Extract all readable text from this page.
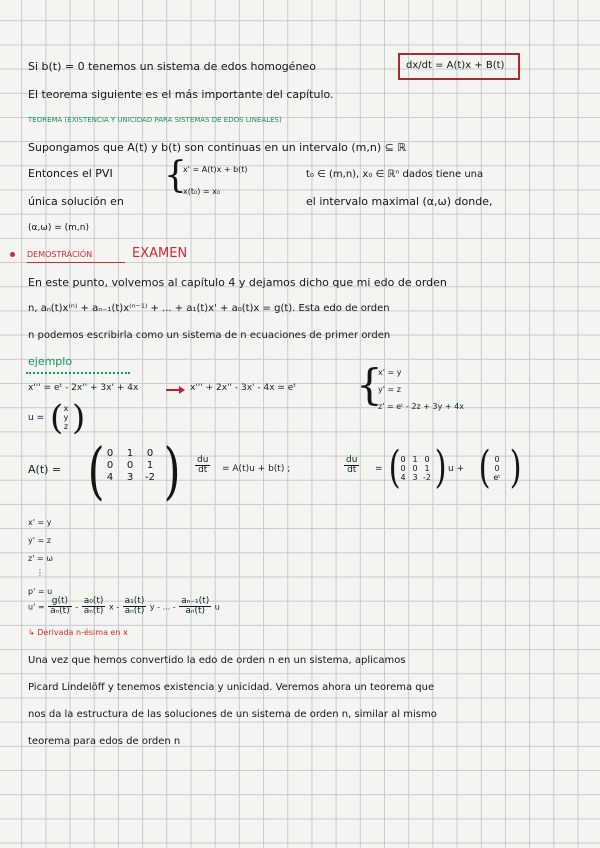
Si b(t) = 0 tenemos un sistema de edos homogéneo	dx/dt = A(t)x + B(t)
El teorema siguiente es el más importante del capítulo.
TEOREMA (EXISTENCIA Y UNICIDAD PARA SISTEMAS DE EDOS LINEALES)
Supongamos que A(t) y b(t) son continuas en un intervalo (m,n) ⊆ ℝ
Entonces el PVI {
x' = A(t)x + b(t)
x(t₀) = x₀
t₀ ∈ (m,n), x₀ ∈ ℝⁿ dados tiene una
única solución en	el intervalo maximal (α,ω) donde,
(α,ω) = (m,n)
DEMOSTRACIÓN	EXAMEN
En este punto, volvemos al capítulo 4 y dejamos dicho que mi edo de orden
n, aₙ(t)x⁽ⁿ⁾ + aₙ₋₁(t)x⁽ⁿ⁻¹⁾ + ... + a₁(t)x' + a₀(t)x = g(t). Esta edo de orden
n podemos escribirla como un sistema de n ecuaciones de primer orden
ejemplo
x''' = eᵗ - 2x'' + 3x' + 4x	x''' + 2x'' - 3x' - 4x = eᵗ
u = ( x
y
z )
{
x' = y
y' = z
z' = eᵗ - 2z + 3y + 4x
A(t) = ( 0	1	0
0	0	1
4	3	-2 ) $\frac{du}{dt} = A(t)u + b(t)$ ;	$\frac{du}{dt}$ = ( 0 1 0
0 0 1
4 3 -2 ) u + ( 0
0
eᵗ )
x' = y
y' = z
z' = ω
⋮
p' = u
$u' = \frac{g(t)}{\text{aₙ(t)}} - \frac{\text{a₀(t)}}{\text{aₙ(t)}}$ x - $\frac{\text{a₁(t)}}{\text{aₙ(t)}}$ y - ... - $\frac{\text{aₙ₋₁(t)}}{\text{aₙ(t)}}$ u
↳ Derivada n-ésima en x
Una vez que hemos convertido la edo de orden n en un sistema, aplicamos
Picard Lindelöff y tenemos existencia y unicidad. Veremos ahora un teorema que
nos da la estructura de las soluciones de un sistema de orden n, similar al mismo
teorema para edos de orden n
